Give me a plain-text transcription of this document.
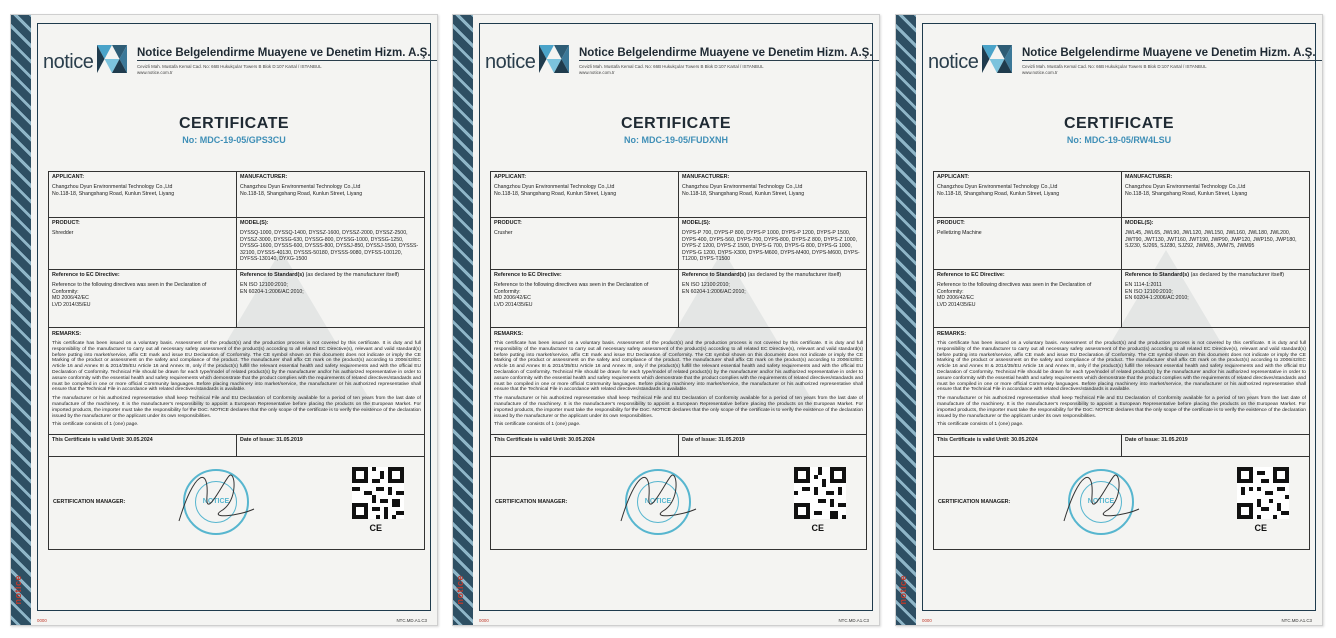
notice
notice	Notice Belgelendirme Muayene ve Denetim Hizm. A.Ş.
Cevizli Mah. Mustafa Kemal Cad. No: 66B Hukukçular Towers B Blok D:107 Kartal / ISTANBUL
www.notice.com.tr
CERTIFICATE
No: MDC-19-05/GPS3CU
APPLICANT:
Changzhou Dyun Environmental Technology Co.,Ltd
No.118-18, Shangshang Road, Kunlun Street, Liyang
MANUFACTURER:
Changzhou Dyun Environmental Technology Co.,Ltd
No.118-18, Shangshang Road, Kunlun Street, Liyang
PRODUCT:
Shredder
MODEL(S):
DYSSQ-1000, DYSSQ-1400, DYSSZ-1600, DYSSZ-2000, DYSSZ-2500, DYSSZ-3000, DYSSG-630, DYSSG-800, DYSSG-1000, DYSSG-1250, DYSSG-1600, DYSSS-600, DYSSS-800, DYSSJ-850, DYSSJ-1500, DYSSS-32100, DYSSS-40130, DYSSS-50180, DYSSS-9080, DYFSS-100120, DYFSS-130140, DYXG-1500
Reference to EC Directive:
Reference to the following directives was seen in the Declaration of Conformity:
MD 2006/42/EC
LVD 2014/35/EU
Reference to Standard(s) (as declared by the manufacturer itself)
EN ISO 12100:2010;
EN 60204-1:2006/AC:2010;
REMARKS:
This certificate has been issued on a voluntary basis. Assessment of the product(s) and the production process is not covered by this certificate. It is duty and full responsibility of the manufacturer to carry out all necessary safety assessment of the product(s) according to all related EC Directive(s), relevant and valid standard(s) before putting into market/service, affix CE mark and issue EU Declaration of Conformity. The CE symbol shown on this document does not indicate or imply the CE Marking of the product or assessment on the safety and compliance of the product. The manufacturer shall affix CE mark on the product(s) according to 2006/42/EC Article 16 and Annex III & 2014/35/EU Article 16 and Annex III, only if the product(s) fulfill the relevant essential health and safety requirements and with the official EU Declaration of Conformity. Technical File should be drawn for each type/model of related product(s) by the manufacturer and/or his authorized representative in order to assure conformity with the essential health and safety requirements which demonstrate that the product complies with the requirements of related directives/standards and must be compiled in one or more official Community languages. Before placing machinery into market/service, the manufacturer or his authorized representative shall ensure that the Technical File in accordance with related directives/standards is available.
The manufacturer or his authorized representative shall keep Technical File and EU Declaration of Conformity available for a period of ten years from the last date of manufacture of the machinery. It is the manufacturer's responsibility to appoint a European Representative before placing the products on the European Market. For imported products, the importer must take the responsibility for the DoC. NOTICE declares that the only scope of the certificate is to verify the existence of the declaration issued by the manufacturer or the applicant under its own responsibilities.
This certificate consists of 1 (one) page.
This Certificate is valid Until: 30.05.2024	Date of Issue: 31.05.2019
CERTIFICATION MANAGER:	NOTICE
CE
0000	NTC.MD.A1.C3
notice
notice	Notice Belgelendirme Muayene ve Denetim Hizm. A.Ş.
Cevizli Mah. Mustafa Kemal Cad. No: 66B Hukukçular Towers B Blok D:107 Kartal / ISTANBUL
www.notice.com.tr
CERTIFICATE
No: MDC-19-05/FUDXNH
APPLICANT:
Changzhou Dyun Environmental Technology Co.,Ltd
No.118-18, Shangshang Road, Kunlun Street, Liyang
MANUFACTURER:
Changzhou Dyun Environmental Technology Co.,Ltd
No.118-18, Shangshang Road, Kunlun Street, Liyang
PRODUCT:
Crusher
MODEL(S):
DYPS-P 700, DYPS-P 800, DYPS-P 1000, DYPS-P 1200, DYPS-P 1500, DYPS-400, DYPS-560, DYPS-700, DYPS-800, DYPS-Z 800, DYPS-Z 1000, DYPS-Z 1200, DYPS-Z 1500, DYPS-G 700, DYPS-G 800, DYPS-G 1000, DYPS-G 1200, DYPS-X300, DYPS-M600, DYPS-M400, DYPS-M600, DYPS-T1200, DYPS-T1500
Reference to EC Directive:
Reference to the following directives was seen in the Declaration of Conformity:
MD 2006/42/EC
LVD 2014/35/EU
Reference to Standard(s) (as declared by the manufacturer itself)
EN ISO 12100:2010;
EN 60204-1:2006/AC:2010;
REMARKS:
This certificate has been issued on a voluntary basis. Assessment of the product(s) and the production process is not covered by this certificate. It is duty and full responsibility of the manufacturer to carry out all necessary safety assessment of the product(s) according to all related EC Directive(s), relevant and valid standard(s) before putting into market/service, affix CE mark and issue EU Declaration of Conformity. The CE symbol shown on this document does not indicate or imply the CE Marking of the product or assessment on the safety and compliance of the product. The manufacturer shall affix CE mark on the product(s) according to 2006/42/EC Article 16 and Annex III & 2014/35/EU Article 16 and Annex III, only if the product(s) fulfill the relevant essential health and safety requirements and with the official EU Declaration of Conformity. Technical File should be drawn for each type/model of related product(s) by the manufacturer and/or his authorized representative in order to assure conformity with the essential health and safety requirements which demonstrate that the product complies with the requirements of related directives/standards and must be compiled in one or more official Community languages. Before placing machinery into market/service, the manufacturer or his authorized representative shall ensure that the Technical File in accordance with related directives/standards is available.
The manufacturer or his authorized representative shall keep Technical File and EU Declaration of Conformity available for a period of ten years from the last date of manufacture of the machinery. It is the manufacturer's responsibility to appoint a European Representative before placing the products on the European Market. For imported products, the importer must take the responsibility for the DoC. NOTICE declares that the only scope of the certificate is to verify the existence of the declaration issued by the manufacturer or the applicant under its own responsibilities.
This certificate consists of 1 (one) page.
This Certificate is valid Until: 30.05.2024	Date of Issue: 31.05.2019
CERTIFICATION MANAGER:	NOTICE
CE
0000	NTC.MD.A1.C3
notice
notice	Notice Belgelendirme Muayene ve Denetim Hizm. A.Ş.
Cevizli Mah. Mustafa Kemal Cad. No: 66B Hukukçular Towers B Blok D:107 Kartal / ISTANBUL
www.notice.com.tr
CERTIFICATE
No: MDC-19-05/RW4LSU
APPLICANT:
Changzhou Dyun Environmental Technology Co.,Ltd
No.118-18, Shangshang Road, Kunlun Street, Liyang
MANUFACTURER:
Changzhou Dyun Environmental Technology Co.,Ltd
No.118-18, Shangshang Road, Kunlun Street, Liyang
PRODUCT:
Pelletizing Machine
MODEL(S):
JWL45, JWL65, JWL90, JWL120, JWL150, JWL160, JWL180, JWL200, JWT90, JWT130, JWT160, JWT190, JWP90, JWP120, JWP150, JWP180, SJ230, SJ265, SJZ80, SJZ92, JWM65, JWM75, JWM95
Reference to EC Directive:
Reference to the following directives was seen in the Declaration of Conformity:
MD 2006/42/EC
LVD 2014/35/EU
Reference to Standard(s) (as declared by the manufacturer itself)
EN 1114-1:2011
EN ISO 12100:2010;
EN 60204-1:2006/AC:2010;
REMARKS:
This certificate has been issued on a voluntary basis. Assessment of the product(s) and the production process is not covered by this certificate. It is duty and full responsibility of the manufacturer to carry out all necessary safety assessment of the product(s) according to all related EC Directive(s), relevant and valid standard(s) before putting into market/service, affix CE mark and issue EU Declaration of Conformity. The CE symbol shown on this document does not indicate or imply the CE Marking of the product or assessment on the safety and compliance of the product. The manufacturer shall affix CE mark on the product(s) according to 2006/42/EC Article 16 and Annex III & 2014/35/EU Article 16 and Annex III, only if the product(s) fulfill the relevant essential health and safety requirements and with the official EU Declaration of Conformity. Technical File should be drawn for each type/model of related product(s) by the manufacturer and/or his authorized representative in order to assure conformity with the essential health and safety requirements which demonstrate that the product complies with the requirements of related directives/standards and must be compiled in one or more official Community languages. Before placing machinery into market/service, the manufacturer or his authorized representative shall ensure that the Technical File in accordance with related directives/standards is available.
The manufacturer or his authorized representative shall keep Technical File and EU Declaration of Conformity available for a period of ten years from the last date of manufacture of the machinery. It is the manufacturer's responsibility to appoint a European Representative before placing the products on the European Market. For imported products, the importer must take the responsibility for the DoC. NOTICE declares that the only scope of the certificate is to verify the existence of the declaration issued by the manufacturer or the applicant under its own responsibilities.
This certificate consists of 1 (one) page.
This Certificate is valid Until: 30.05.2024	Date of Issue: 31.05.2019
CERTIFICATION MANAGER:	NOTICE
CE
0000	NTC.MD.A1.C3
